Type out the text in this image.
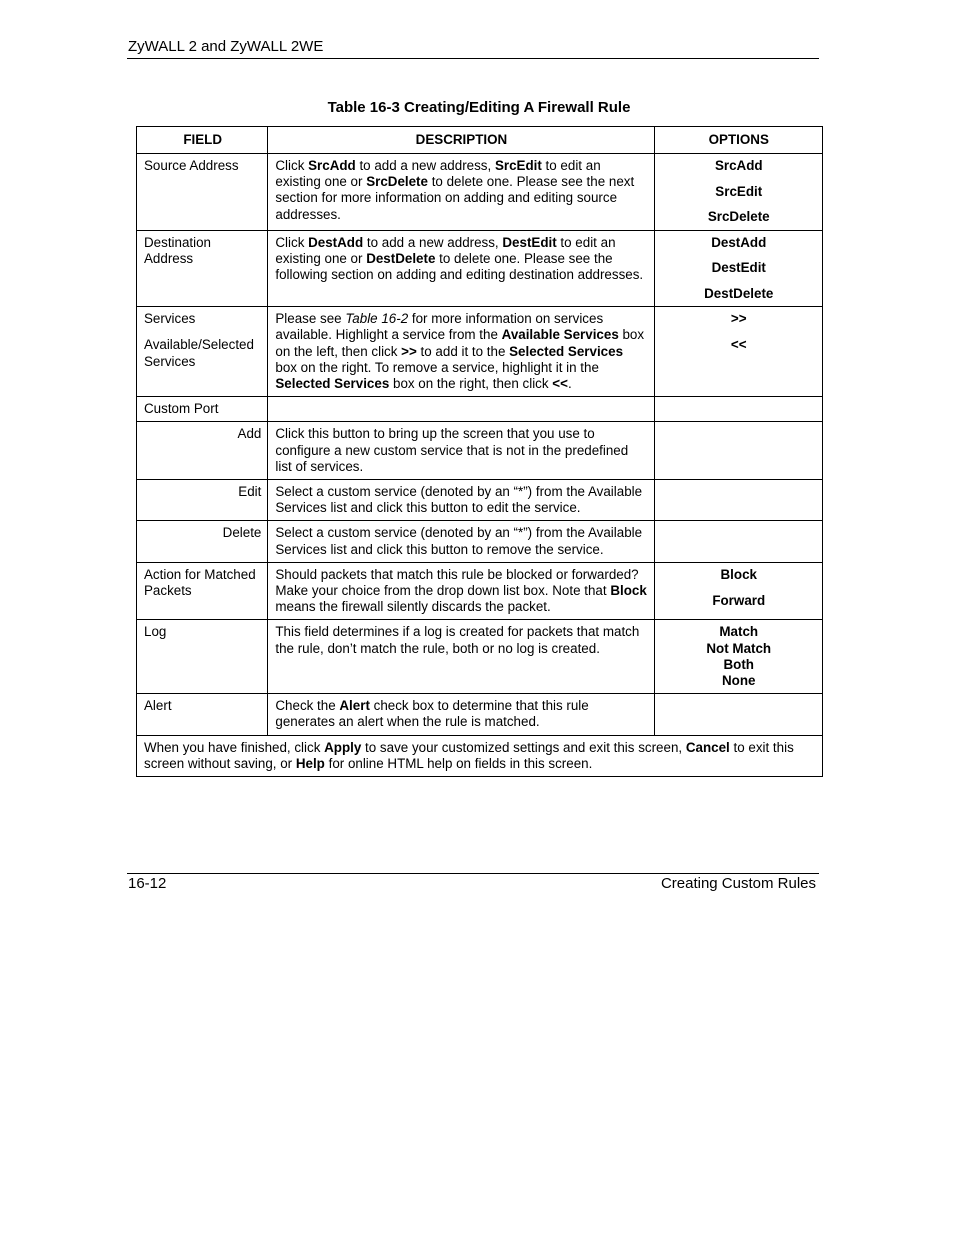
ZyWALL 2 and ZyWALL 2WE
Table 16-3 Creating/Editing A Firewall Rule
FIELD	DESCRIPTION	OPTIONS

Source Address	Click SrcAdd to add a new address, SrcEdit to edit an existing one or SrcDelete to delete one. Please see the next section for more information on adding and editing source addresses.	SrcAdd
SrcEdit
SrcDelete

Destination Address	Click DestAdd to add a new address, DestEdit to edit an existing one or DestDelete to delete one. Please see the following section on adding and editing destination addresses.	DestAdd
DestEdit
DestDelete

Services
Available/Selected Services	Please see Table 16-2 for more information on services available. Highlight a service from the Available Services box on the left, then click >> to add it to the Selected Services box on the right. To remove a service, highlight it in the Selected Services box on the right, then click <<.	>>
<<

Custom Port		

Add	Click this button to bring up the screen that you use to configure a new custom service that is not in the predefined list of services.	

Edit	Select a custom service (denoted by an “*”) from the Available Services list and click this button to edit the service.	

Delete	Select a custom service (denoted by an “*”) from the Available Services list and click this button to remove the service.	

Action for Matched Packets	Should packets that match this rule be blocked or forwarded? Make your choice from the drop down list box. Note that Block means the firewall silently discards the packet.	Block
Forward

Log	This field determines if a log is created for packets that match the rule, don’t match the rule, both or no log is created.	Match
Not Match
Both
None

Alert	Check the Alert check box to determine that this rule generates an alert when the rule is matched.	
When you have finished, click Apply to save your customized settings and exit this screen, Cancel to exit this screen without saving, or Help for online HTML help on fields in this screen.		
16-12	Creating Custom Rules
